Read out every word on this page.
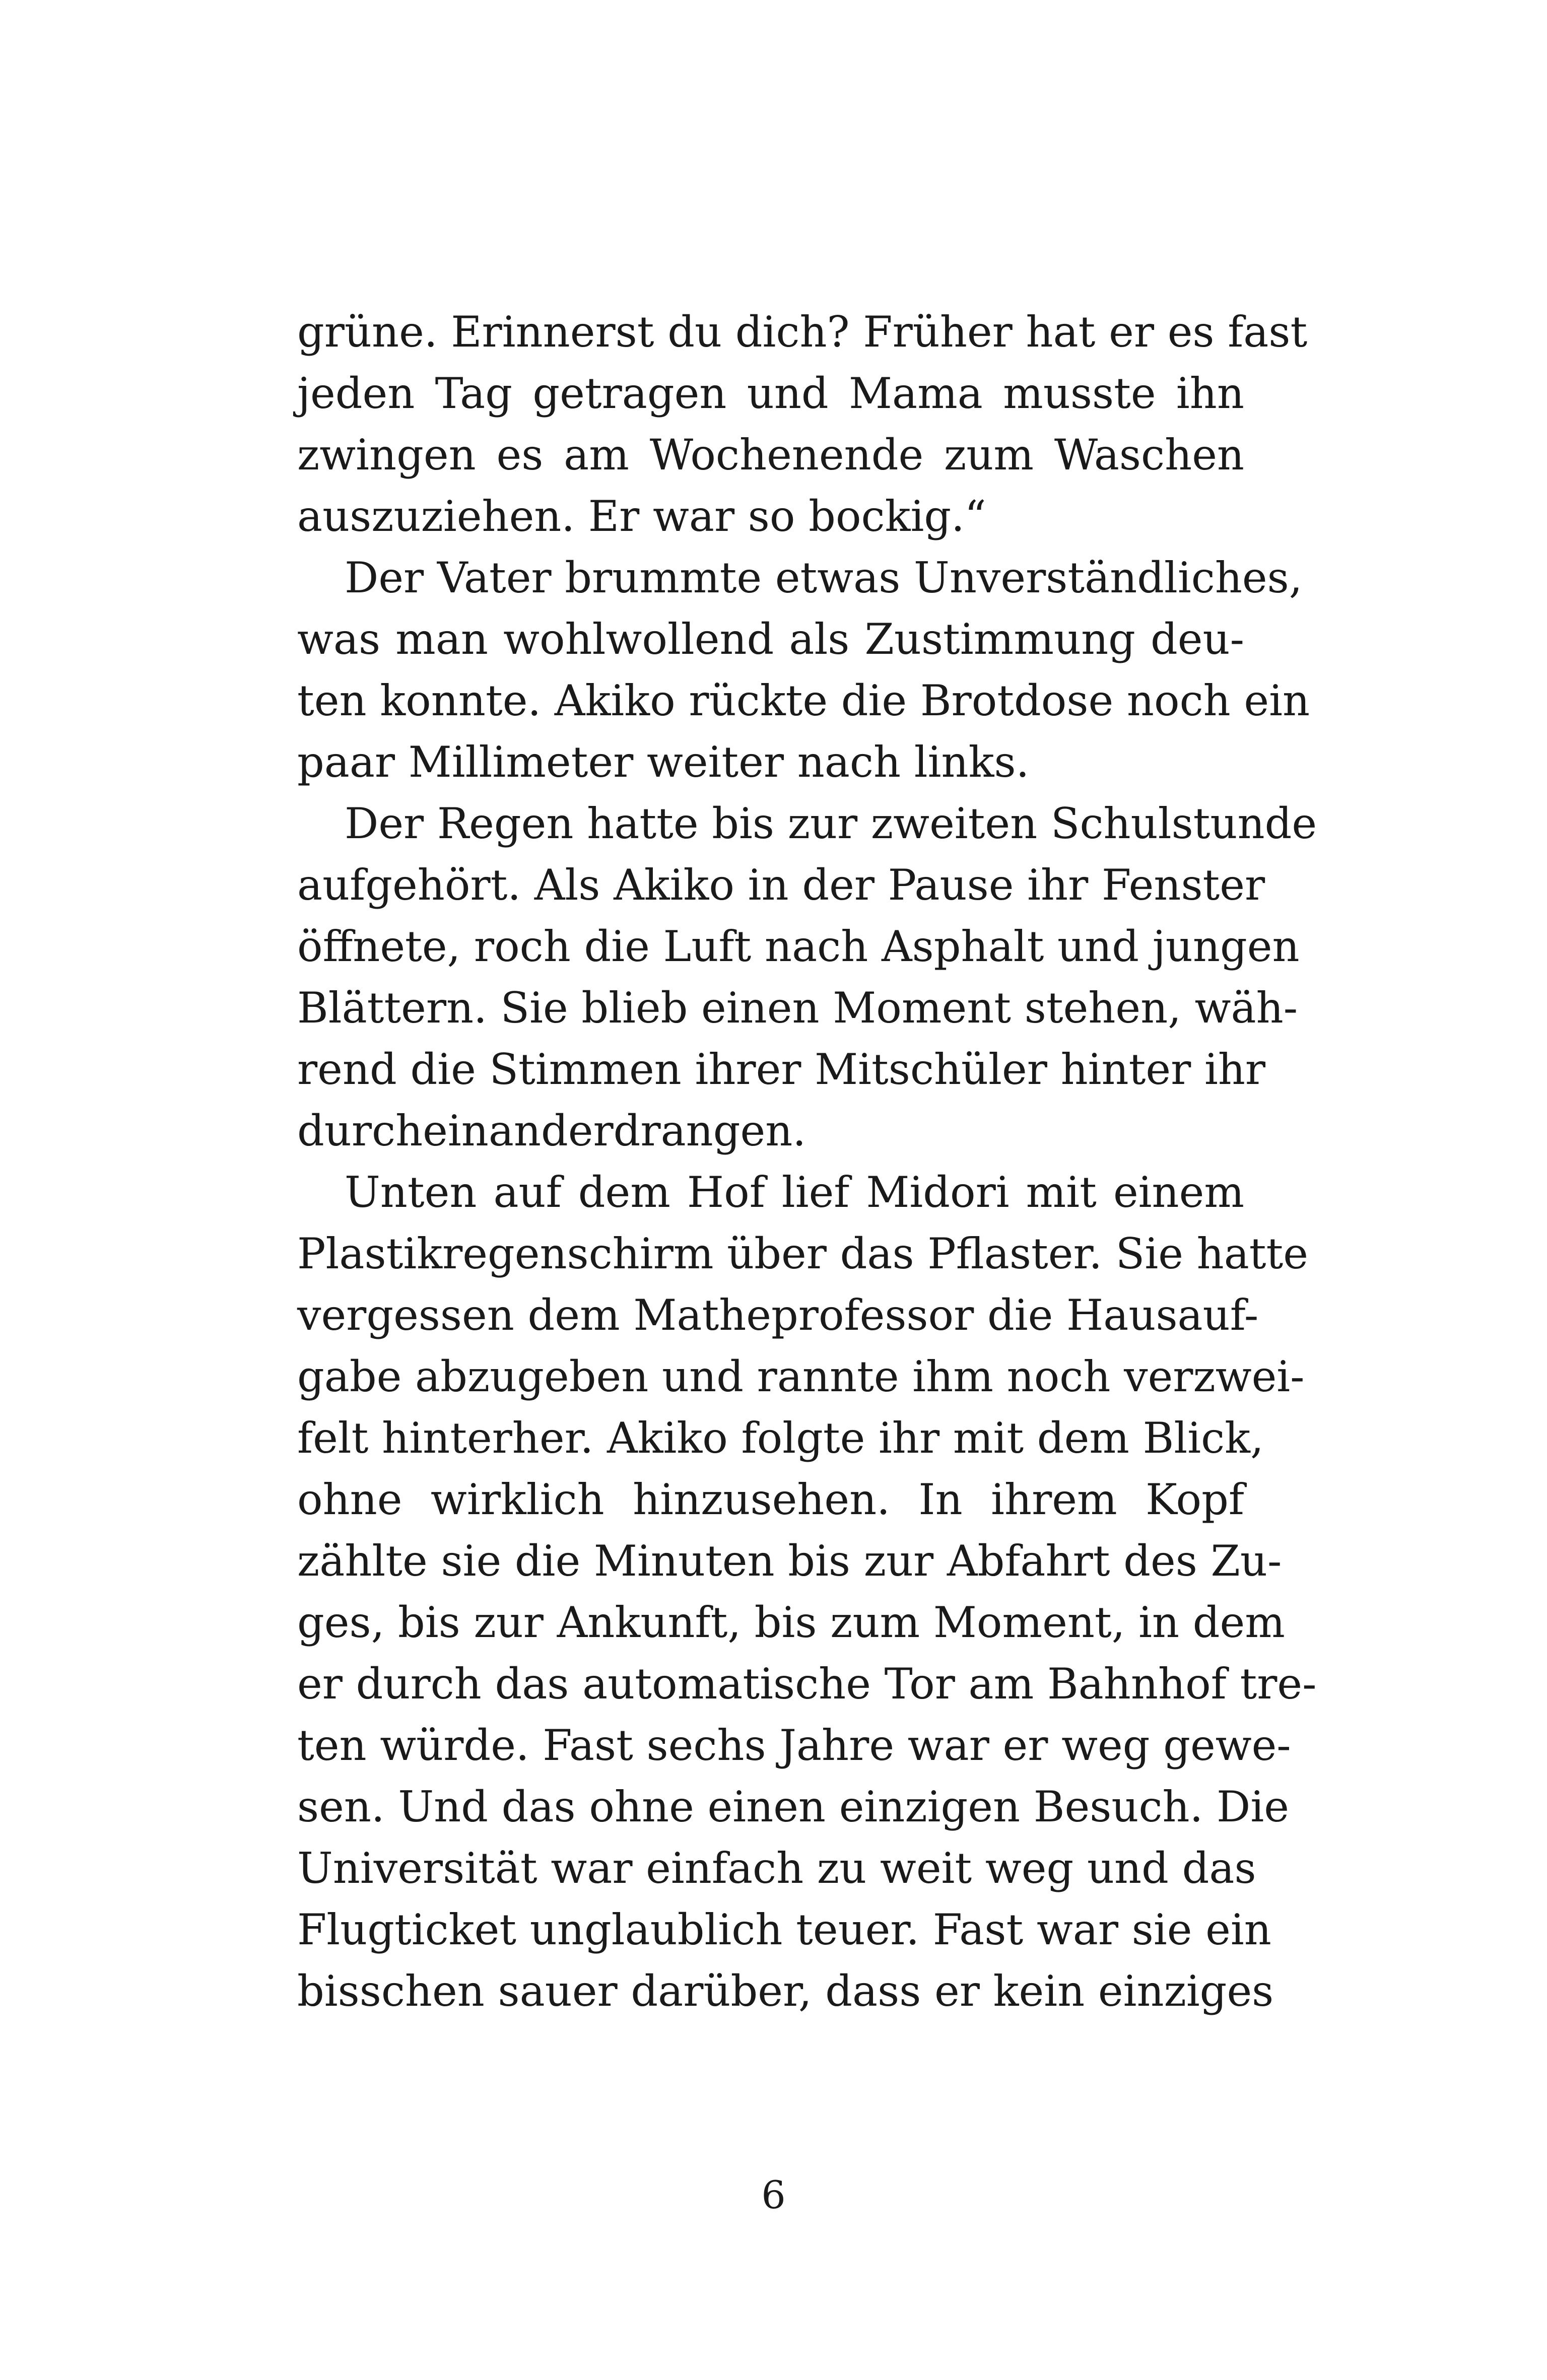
grüne. Erinnerst du dich? Früher hat er es fast
jeden Tag getragen und Mama musste ihn
zwingen es am Wochenende zum Waschen
auszuziehen. Er war so bockig.“
Der Vater brummte etwas Unverständliches,
was man wohlwollend als Zustimmung deu-
ten konnte. Akiko rückte die Brotdose noch ein
paar Millimeter weiter nach links.
Der Regen hatte bis zur zweiten Schulstunde
aufgehört. Als Akiko in der Pause ihr Fenster
öffnete, roch die Luft nach Asphalt und jungen
Blättern. Sie blieb einen Moment stehen, wäh-
rend die Stimmen ihrer Mitschüler hinter ihr
durcheinanderdrangen.
Unten auf dem Hof lief Midori mit einem
Plastikregenschirm über das Pflaster. Sie hatte
vergessen dem Matheprofessor die Hausauf-
gabe abzugeben und rannte ihm noch verzwei-
felt hinterher. Akiko folgte ihr mit dem Blick,
ohne wirklich hinzusehen. In ihrem Kopf
zählte sie die Minuten bis zur Abfahrt des Zu-
ges, bis zur Ankunft, bis zum Moment, in dem
er durch das automatische Tor am Bahnhof tre-
ten würde. Fast sechs Jahre war er weg gewe-
sen. Und das ohne einen einzigen Besuch. Die
Universität war einfach zu weit weg und das
Flugticket unglaublich teuer. Fast war sie ein
bisschen sauer darüber, dass er kein einziges
6
